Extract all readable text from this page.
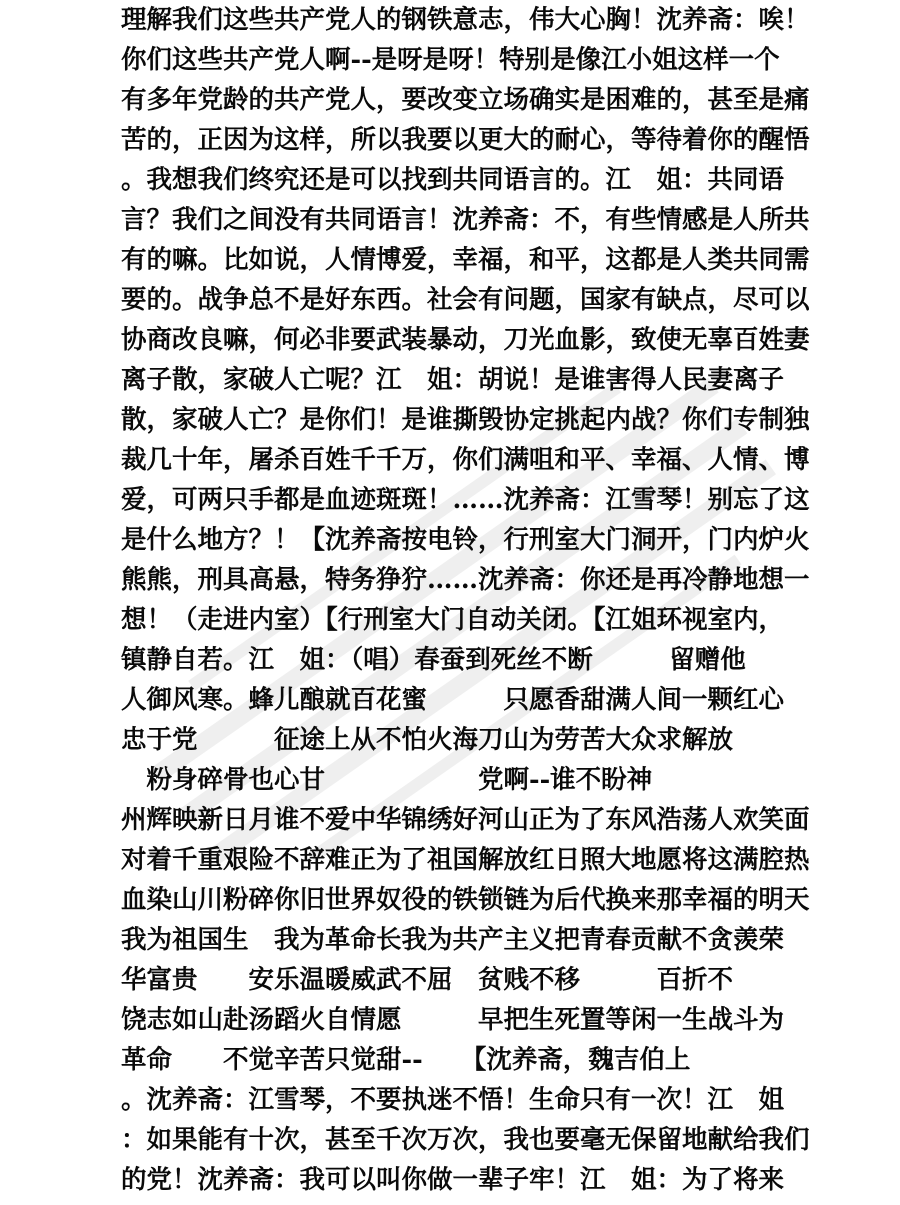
理解我们这些共产党人的钢铁意志，伟大心胸！沈养斋：唉！
你们这些共产党人啊--是呀是呀！特别是像江小姐这样一个
有多年党龄的共产党人，要改变立场确实是困难的，甚至是痛
苦的，正因为这样，所以我要以更大的耐心，等待着你的醒悟
。我想我们终究还是可以找到共同语言的。江　姐：共同语
言？我们之间没有共同语言！沈养斋：不，有些情感是人所共
有的嘛。比如说，人情博爱，幸福，和平，这都是人类共同需
要的。战争总不是好东西。社会有问题，国家有缺点，尽可以
协商改良嘛，何必非要武装暴动，刀光血影，致使无辜百姓妻
离子散，家破人亡呢？江　姐：胡说！是谁害得人民妻离子
散，家破人亡？是你们！是谁撕毁协定挑起内战？你们专制独
裁几十年，屠杀百姓千千万，你们满咀和平、幸福、人情、博
爱，可两只手都是血迹斑斑！……沈养斋：江雪琴！别忘了这
是什么地方？！【沈养斋按电铃，行刑室大门洞开，门内炉火
熊熊，刑具高悬，特务狰狞……沈养斋：你还是再冷静地想一
想！（走进内室）【行刑室大门自动关闭。【江姐环视室内，
镇静自若。江　姐：（唱）春蚕到死丝不断　　　留赠他
人御风寒。蜂儿酿就百花蜜　　　只愿香甜满人间一颗红心
忠于党　　　征途上从不怕火海刀山为劳苦大众求解放
　粉身碎骨也心甘　　　　　　党啊--谁不盼神
州辉映新日月谁不爱中华锦绣好河山正为了东风浩荡人欢笑面
对着千重艰险不辞难正为了祖国解放红日照大地愿将这满腔热
血染山川粉碎你旧世界奴役的铁锁链为后代换来那幸福的明天
我为祖国生　我为革命长我为共产主义把青春贡献不贪羡荣
华富贵　　安乐温暖威武不屈　贫贱不移　　　百折不
饶志如山赴汤蹈火自情愿　　　早把生死置等闲一生战斗为
革命　　不觉辛苦只觉甜--　　【沈养斋，魏吉伯上
。沈养斋：江雪琴，不要执迷不悟！生命只有一次！江　姐
：如果能有十次，甚至千次万次，我也要毫无保留地献给我们
的党！沈养斋：我可以叫你做一辈子牢！江　姐：为了将来
